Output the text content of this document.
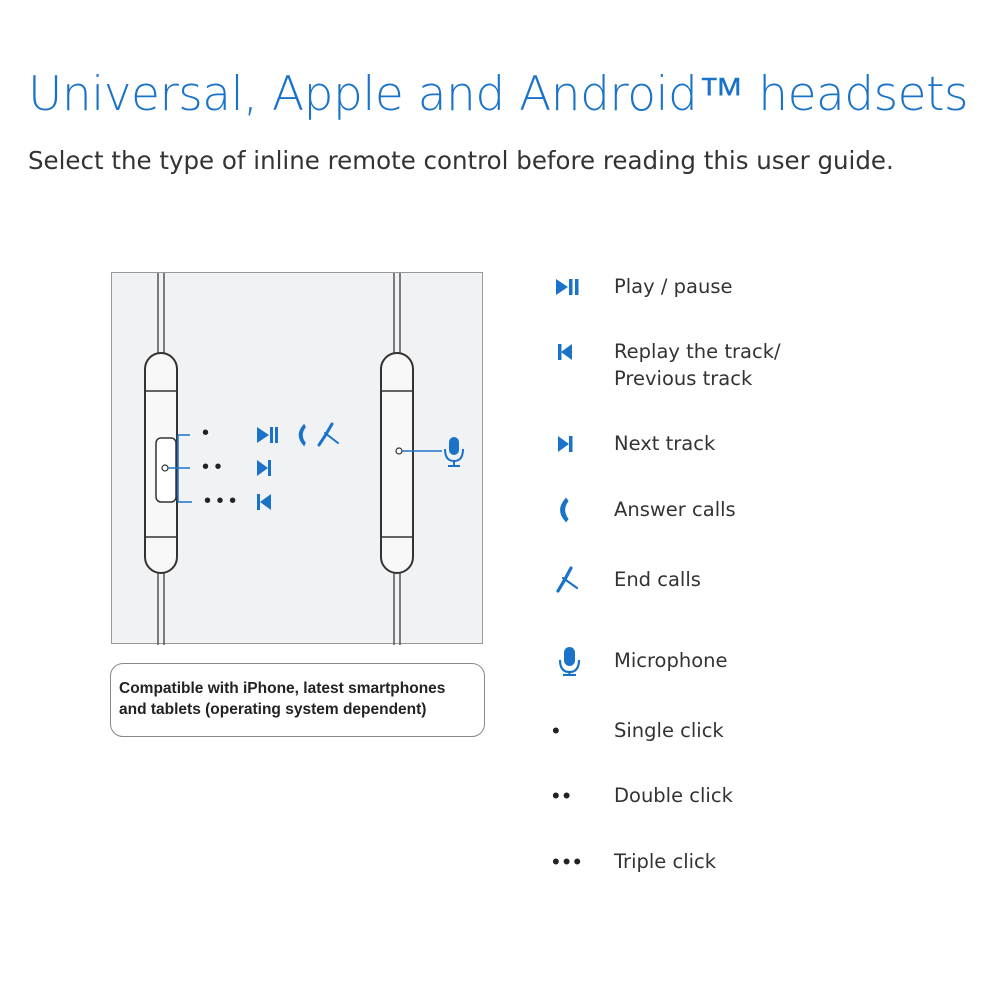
Universal, Apple and Android™ headsets

Select the type of inline remote control before reading this user guide.

•
• •
• • •
Compatible with iPhone, latest smartphones
and tablets (operating system dependent)
Play / pause
Replay the track/
Previous track
Next track
Answer calls
End calls
Microphone
•	Single click
•• Double click
••• Triple click
